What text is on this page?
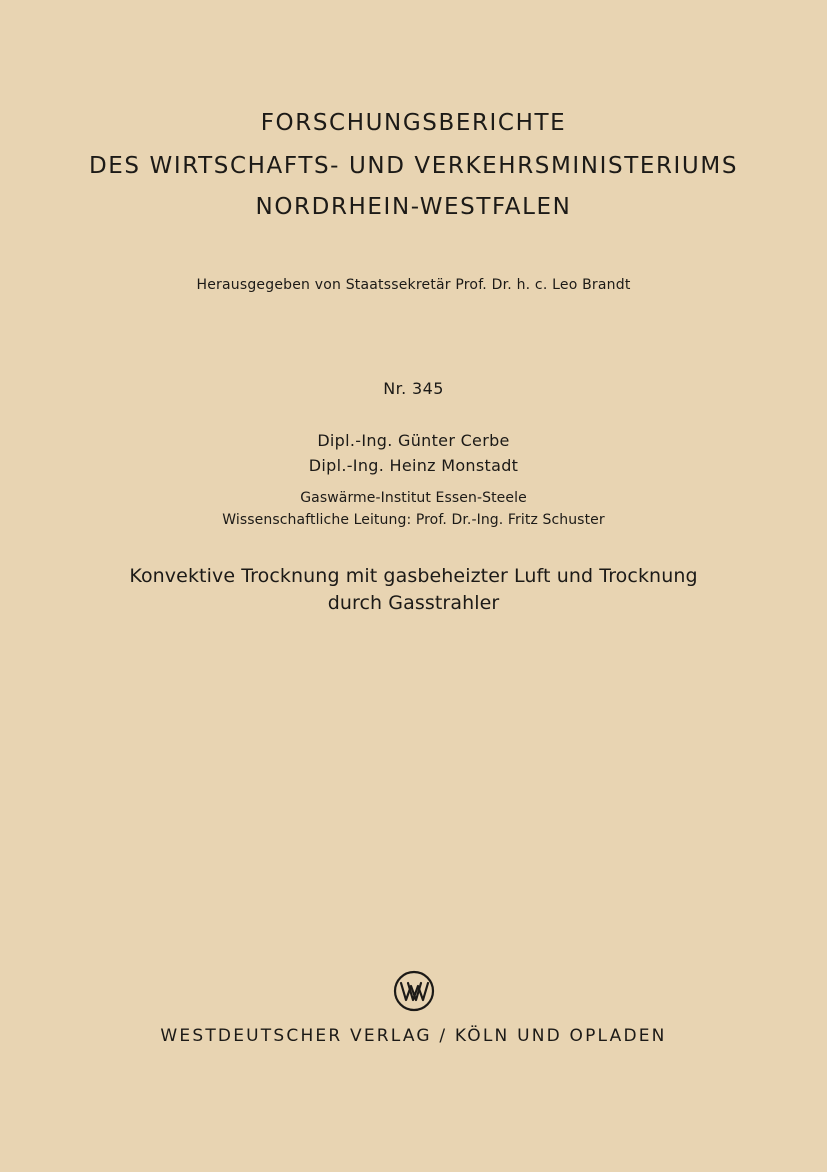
FORSCHUNGSBERICHTE
DES WIRTSCHAFTS- UND VERKEHRSMINISTERIUMS
NORDRHEIN-WESTFALEN
Herausgegeben von Staatssekretär Prof. Dr. h. c. Leo Brandt
Nr. 345
Dipl.-Ing. Günter Cerbe
Dipl.-Ing. Heinz Monstadt
Gaswärme-Institut Essen-Steele
Wissenschaftliche Leitung: Prof. Dr.-Ing. Fritz Schuster
Konvektive Trocknung mit gasbeheizter Luft und Trocknung
durch Gasstrahler
WESTDEUTSCHER VERLAG / KÖLN UND OPLADEN
